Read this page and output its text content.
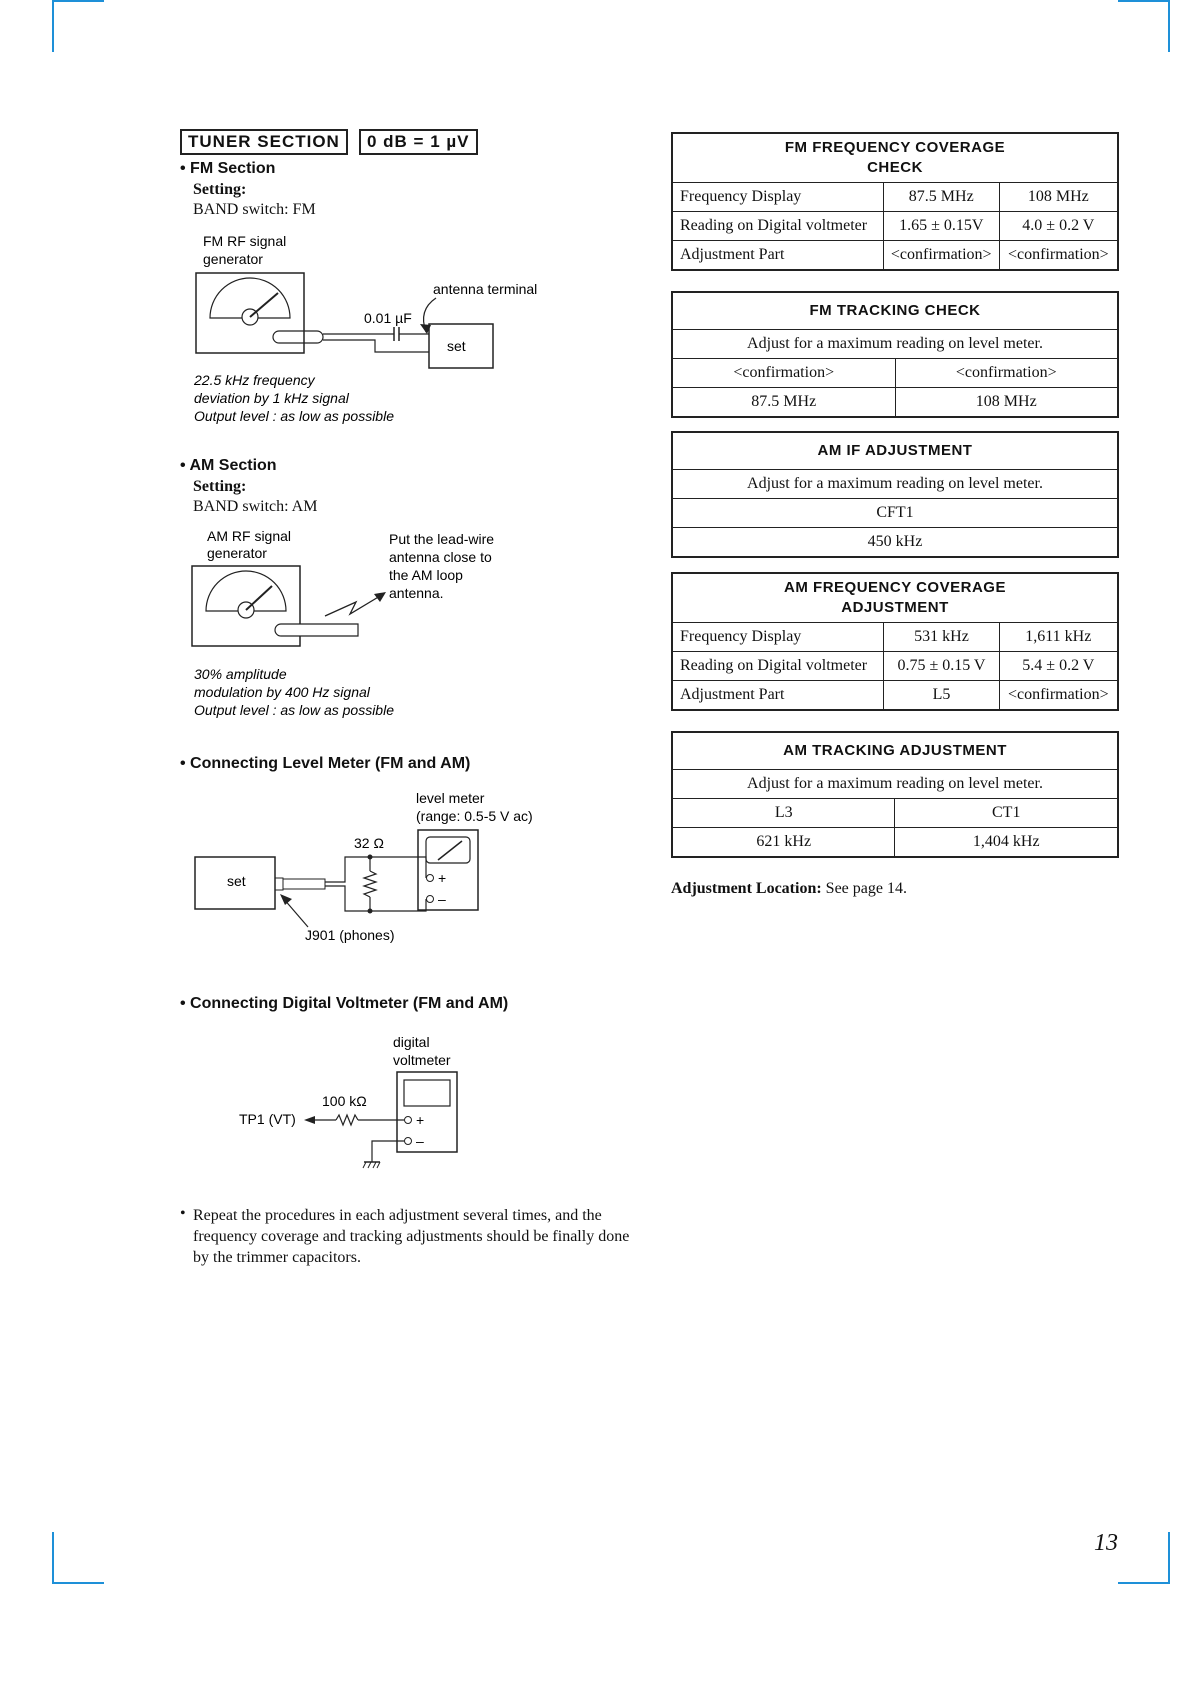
TUNER SECTION	0 dB = 1 µV
• FM Section
Setting:
BAND switch: FM
FM RF signal
generator
0.01 µF
set
antenna terminal
22.5 kHz frequency
deviation by 1 kHz signal
Output level : as low as possible
• AM Section
Setting:
BAND switch: AM
AM RF signal
generator
Put the lead-wire
antenna close to
the AM loop
antenna.
30% amplitude
modulation by 400 Hz signal
Output level : as low as possible
• Connecting Level Meter (FM and AM)
level meter
(range: 0.5-5 V ac)
+
–
32 Ω
set
J901 (phones)
• Connecting Digital Voltmeter (FM and AM)
digital
voltmeter
+
–
100 kΩ
TP1 (VT)
• Repeat the procedures in each adjustment several times, and the frequency coverage and tracking adjustments should be finally done by the trimmer capacitors.
FM FREQUENCY COVERAGE
CHECK		
Frequency Display	87.5 MHz	108 MHz
Reading on Digital voltmeter	1.65 ± 0.15V	4.0 ± 0.2 V
Adjustment Part	<confirmation>	<confirmation>
FM TRACKING CHECK	
Adjust for a maximum reading on level meter.	
<confirmation>	<confirmation>
87.5 MHz	108 MHz
AM IF ADJUSTMENT
Adjust for a maximum reading on level meter.
CFT1
450 kHz
AM FREQUENCY COVERAGE
ADJUSTMENT		
Frequency Display	531 kHz	1,611 kHz
Reading on Digital voltmeter	0.75 ± 0.15 V	5.4 ± 0.2 V
Adjustment Part	L5	<confirmation>
AM TRACKING ADJUSTMENT	
Adjust for a maximum reading on level meter.	
L3	CT1
621 kHz	1,404 kHz
Adjustment Location: See page 14.
13
